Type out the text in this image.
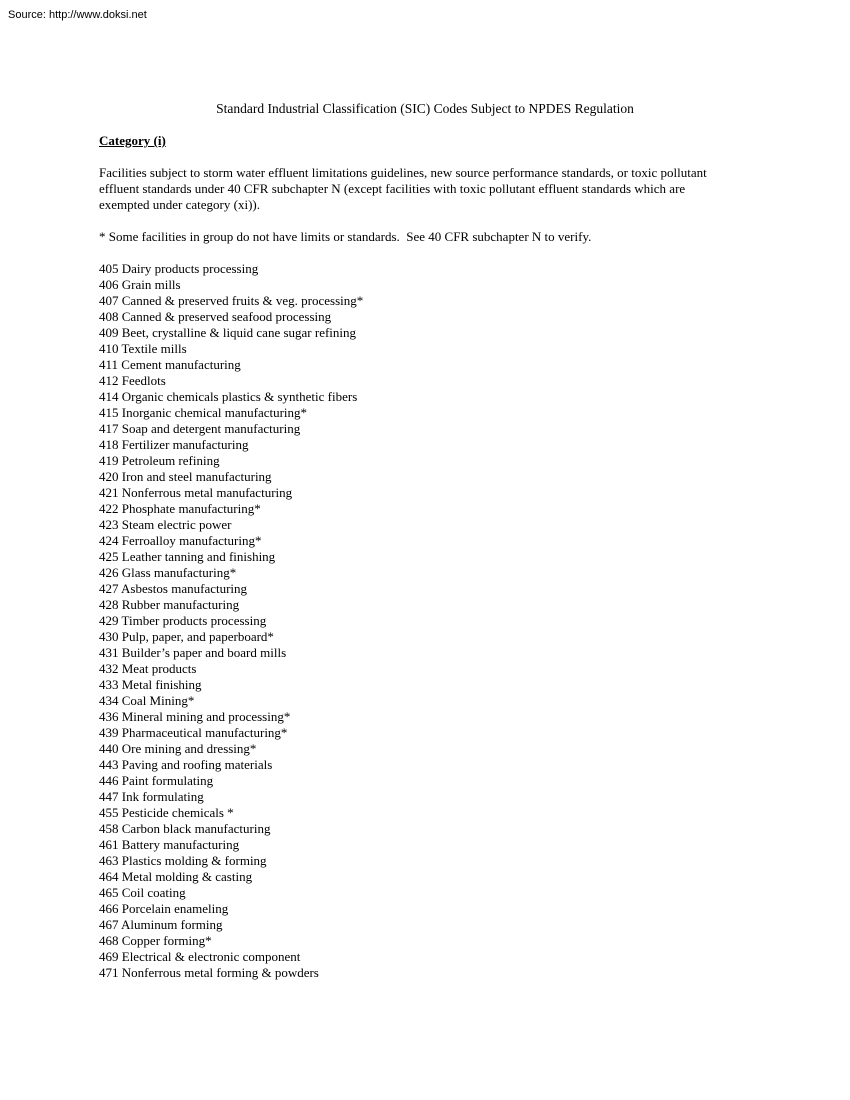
Source: http://www.doksi.net
Standard Industrial Classification (SIC) Codes Subject to NPDES Regulation
Category (i)
Facilities subject to storm water effluent limitations guidelines, new source performance standards, or toxic pollutant
effluent standards under 40 CFR subchapter N (except facilities with toxic pollutant effluent standards which are
exempted under category (xi)).
* Some facilities in group do not have limits or standards.  See 40 CFR subchapter N to verify.
405 Dairy products processing
406 Grain mills
407 Canned & preserved fruits & veg. processing*
408 Canned & preserved seafood processing
409 Beet, crystalline & liquid cane sugar refining
410 Textile mills
411 Cement manufacturing
412 Feedlots
414 Organic chemicals plastics & synthetic fibers
415 Inorganic chemical manufacturing*
417 Soap and detergent manufacturing
418 Fertilizer manufacturing
419 Petroleum refining
420 Iron and steel manufacturing
421 Nonferrous metal manufacturing
422 Phosphate manufacturing*
423 Steam electric power
424 Ferroalloy manufacturing*
425 Leather tanning and finishing
426 Glass manufacturing*
427 Asbestos manufacturing
428 Rubber manufacturing
429 Timber products processing
430 Pulp, paper, and paperboard*
431 Builder’s paper and board mills
432 Meat products
433 Metal finishing
434 Coal Mining*
436 Mineral mining and processing*
439 Pharmaceutical manufacturing*
440 Ore mining and dressing*
443 Paving and roofing materials
446 Paint formulating
447 Ink formulating
455 Pesticide chemicals *
458 Carbon black manufacturing
461 Battery manufacturing
463 Plastics molding & forming
464 Metal molding & casting
465 Coil coating
466 Porcelain enameling
467 Aluminum forming
468 Copper forming*
469 Electrical & electronic component
471 Nonferrous metal forming & powders
